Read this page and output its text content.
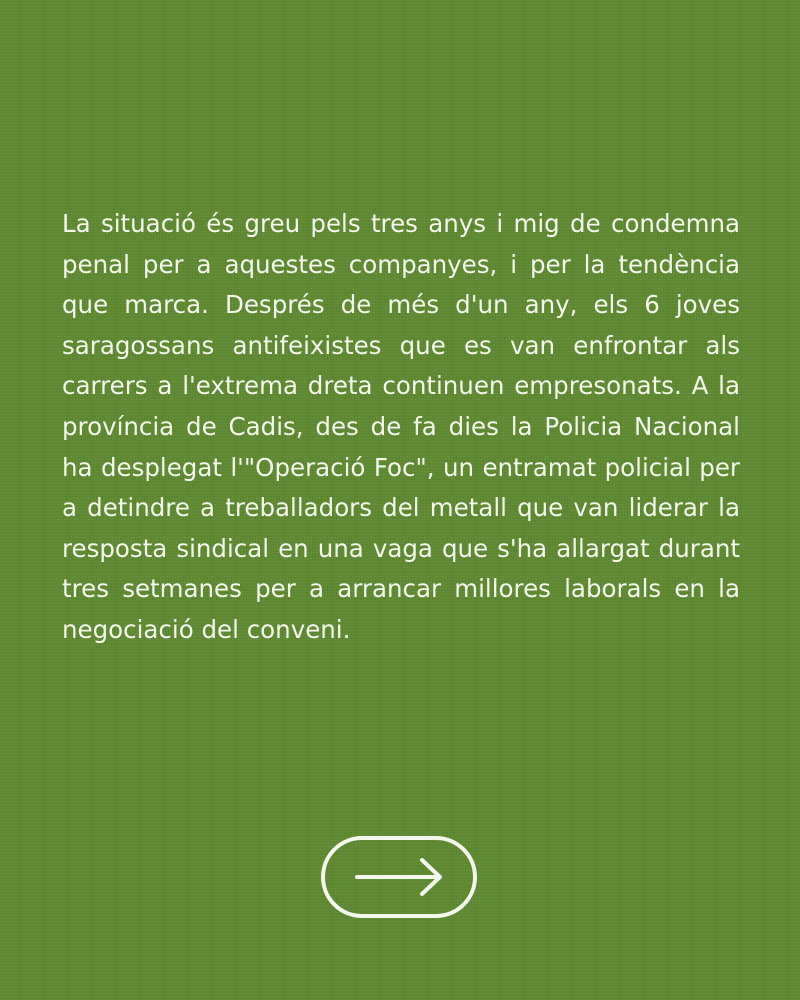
La situació és greu pels tres anys i mig de condemna penal per a aquestes companyes, i per la tendència que marca. Després de més d'un any, els 6 joves saragossans antifeixistes que es van enfrontar als carrers a l'extrema dreta continuen empresonats. A la província de Cadis, des de fa dies la Policia Nacional ha desplegat l'"Operació Foc", un entramat policial per a detindre a treballadors del metall que van liderar la resposta sindical en una vaga que s'ha allargat durant tres setmanes per a arrancar millores laborals en la negociació del conveni.
